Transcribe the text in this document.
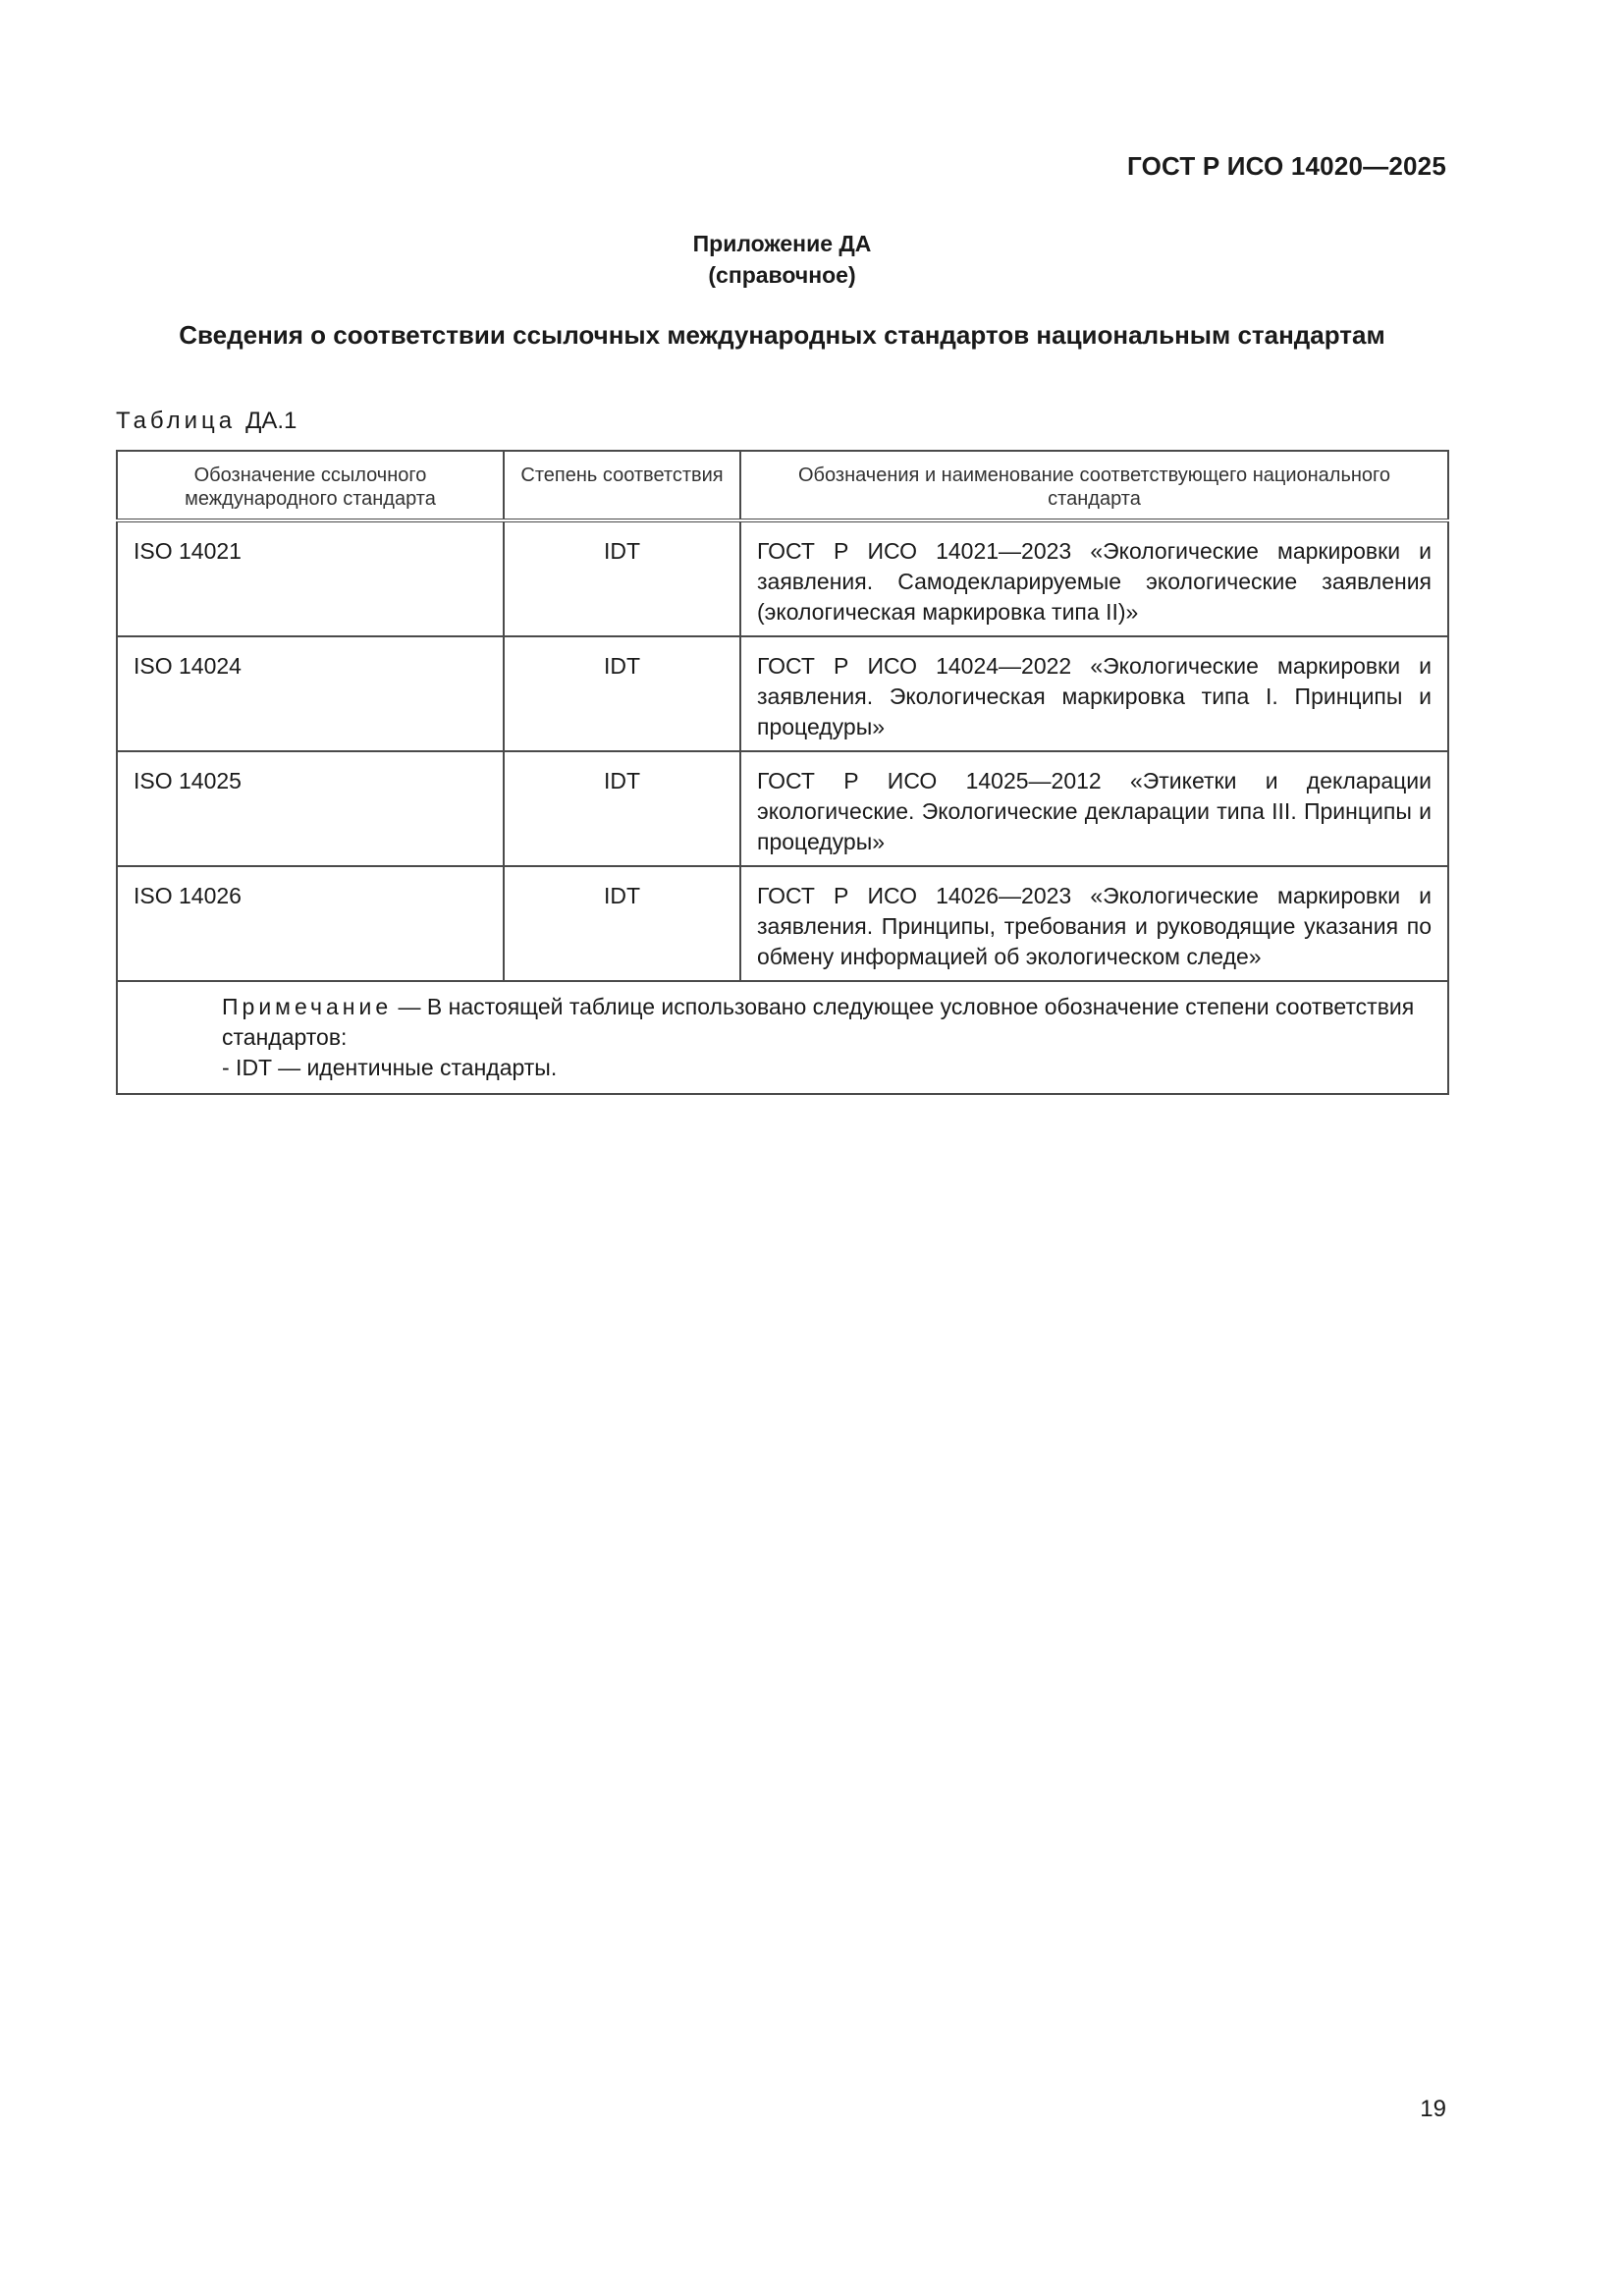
ГОСТ Р ИСО 14020—2025
Приложение ДА
(справочное)
Сведения о соответствии ссылочных международных стандартов национальным стандартам
Таблица ДА.1
Обозначение ссылочного международного стандарта	Степень соответствия	Обозначения и наименование соответствующего национального стандарта
ISO 14021	IDT	ГОСТ Р ИСО 14021—2023 «Экологические маркировки и заявления. Самодекларируемые экологические заявления (экологическая маркировка типа II)»
ISO 14024	IDT	ГОСТ Р ИСО 14024—2022 «Экологические маркировки и заявления. Экологическая маркировка типа I. Принципы и процедуры»
ISO 14025	IDT	ГОСТ Р ИСО 14025—2012 «Этикетки и декларации экологические. Экологические декларации типа III. Принципы и процедуры»
ISO 14026	IDT	ГОСТ Р ИСО 14026—2023 «Экологические маркировки и заявления. Принципы, требования и руководящие указания по обмену информацией об экологическом следе»

Примечание — В настоящей таблице использовано следующее условное обозначение степени соответствия стандартов:
- IDT — идентичные стандарты.		
19
